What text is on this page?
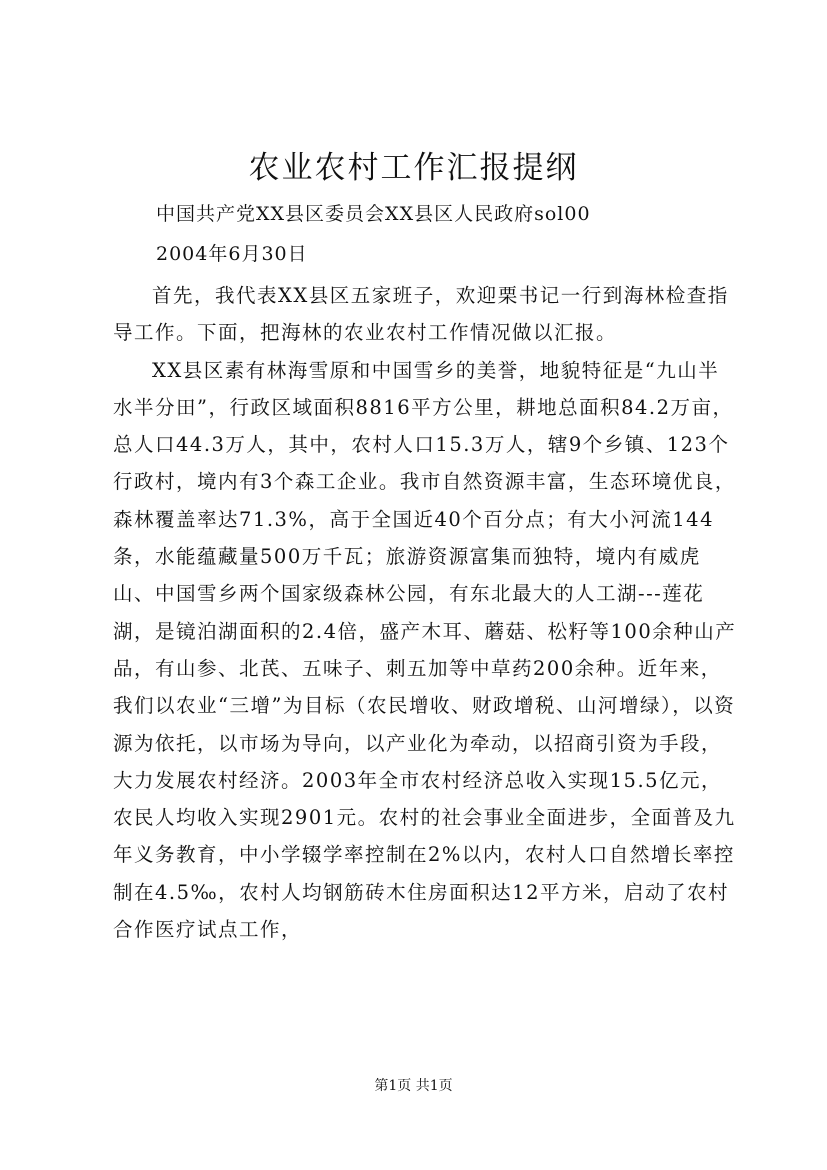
农业农村工作汇报提纲
中国共产党XX县区委员会XX县区人民政府sol00
2004年6月30日

首先，我代表XX县区五家班子，欢迎栗书记一行到海林检查指导工作。下面，把海林的农业农村工作情况做以汇报。

XX县区素有林海雪原和中国雪乡的美誉，地貌特征是“九山半水半分田”，行政区域面积8816平方公里，耕地总面积84.2万亩，总人口44.3万人，其中，农村人口15.3万人，辖9个乡镇、123个行政村，境内有3个森工企业。我市自然资源丰富，生态环境优良，森林覆盖率达71.3%，高于全国近40个百分点；有大小河流144条，水能蕴藏量500万千瓦；旅游资源富集而独特，境内有威虎山、中国雪乡两个国家级森林公园，有东北最大的人工湖---莲花湖，是镜泊湖面积的2.4倍，盛产木耳、蘑菇、松籽等100余种山产品，有山参、北芪、五味子、刺五加等中草药200余种。近年来，我们以农业“三增”为目标（农民增收、财政增税、山河增绿），以资源为依托，以市场为导向，以产业化为牵动，以招商引资为手段，大力发展农村经济。2003年全市农村经济总收入实现15.5亿元，农民人均收入实现2901元。农村的社会事业全面进步，全面普及九年义务教育，中小学辍学率控制在2%以内，农村人口自然增长率控制在4.5‰，农村人均钢筋砖木住房面积达12平方米，启动了农村合作医疗试点工作，

第1页 共1页
